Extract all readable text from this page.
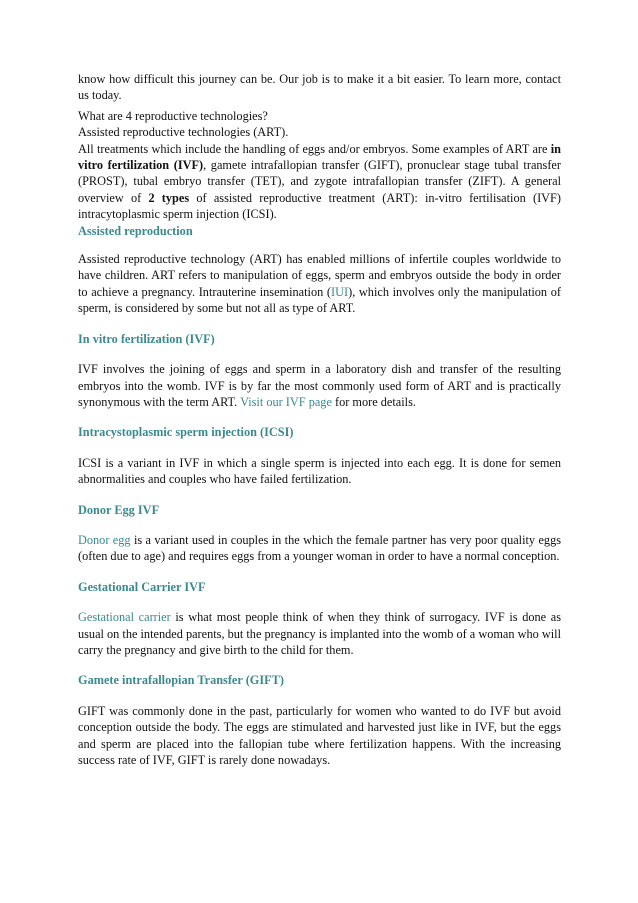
know how difficult this journey can be. Our job is to make it a bit easier. To learn more, contact us today.

What are 4 reproductive technologies?

Assisted reproductive technologies (ART).

All treatments which include the handling of eggs and/or embryos. Some examples of ART are in vitro fertilization (IVF), gamete intrafallopian transfer (GIFT), pronuclear stage tubal transfer (PROST), tubal embryo transfer (TET), and zygote intrafallopian transfer (ZIFT). A general overview of 2 types of assisted reproductive treatment (ART): in-vitro fertilisation (IVF) intracytoplasmic sperm injection (ICSI).

Assisted reproduction

Assisted reproductive technology (ART) has enabled millions of infertile couples worldwide to have children. ART refers to manipulation of eggs, sperm and embryos outside the body in order to achieve a pregnancy. Intrauterine insemination (IUI), which involves only the manipulation of sperm, is considered by some but not all as type of ART.

In vitro fertilization (IVF)

IVF involves the joining of eggs and sperm in a laboratory dish and transfer of the resulting embryos into the womb. IVF is by far the most commonly used form of ART and is practically synonymous with the term ART. Visit our IVF page for more details.

Intracystoplasmic sperm injection (ICSI)

ICSI is a variant in IVF in which a single sperm is injected into each egg. It is done for semen abnormalities and couples who have failed fertilization.

Donor Egg IVF

Donor egg is a variant used in couples in the which the female partner has very poor quality eggs (often due to age) and requires eggs from a younger woman in order to have a normal conception.

Gestational Carrier IVF

Gestational carrier is what most people think of when they think of surrogacy. IVF is done as usual on the intended parents, but the pregnancy is implanted into the womb of a woman who will carry the pregnancy and give birth to the child for them.

Gamete intrafallopian Transfer (GIFT)

GIFT was commonly done in the past, particularly for women who wanted to do IVF but avoid conception outside the body. The eggs are stimulated and harvested just like in IVF, but the eggs and sperm are placed into the fallopian tube where fertilization happens. With the increasing success rate of IVF, GIFT is rarely done nowadays.
